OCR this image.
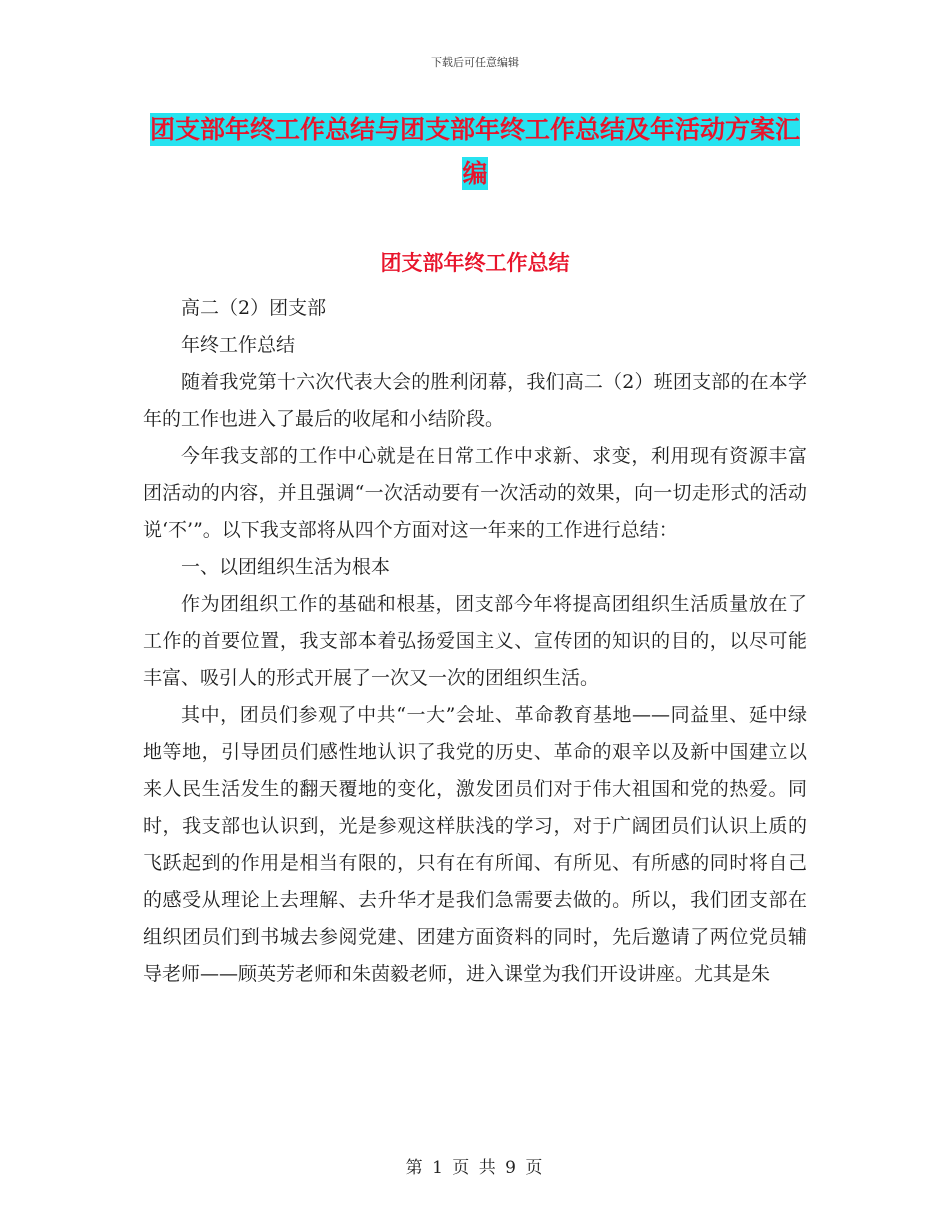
下载后可任意编辑
团支部年终工作总结与团支部年终工作总结及年活动方案汇编
团支部年终工作总结

高二（2）团支部

年终工作总结

随着我党第十六次代表大会的胜利闭幕，我们高二（2）班团支部的在本学年的工作也进入了最后的收尾和小结阶段。

今年我支部的工作中心就是在日常工作中求新、求变，利用现有资源丰富团活动的内容，并且强调“一次活动要有一次活动的效果，向一切走形式的活动说‘不’”。以下我支部将从四个方面对这一年来的工作进行总结：

一、以团组织生活为根本

作为团组织工作的基础和根基，团支部今年将提高团组织生活质量放在了工作的首要位置，我支部本着弘扬爱国主义、宣传团的知识的目的，以尽可能丰富、吸引人的形式开展了一次又一次的团组织生活。

其中，团员们参观了中共“一大”会址、革命教育基地——同益里、延中绿地等地，引导团员们感性地认识了我党的历史、革命的艰辛以及新中国建立以来人民生活发生的翻天覆地的变化，激发团员们对于伟大祖国和党的热爱。同时，我支部也认识到，光是参观这样肤浅的学习，对于广阔团员们认识上质的飞跃起到的作用是相当有限的，只有在有所闻、有所见、有所感的同时将自己的感受从理论上去理解、去升华才是我们急需要去做的。所以，我们团支部在组织团员们到书城去参阅党建、团建方面资料的同时，先后邀请了两位党员辅导老师——顾英芳老师和朱茵毅老师，进入课堂为我们开设讲座。尤其是朱

第 1 页 共 9 页
